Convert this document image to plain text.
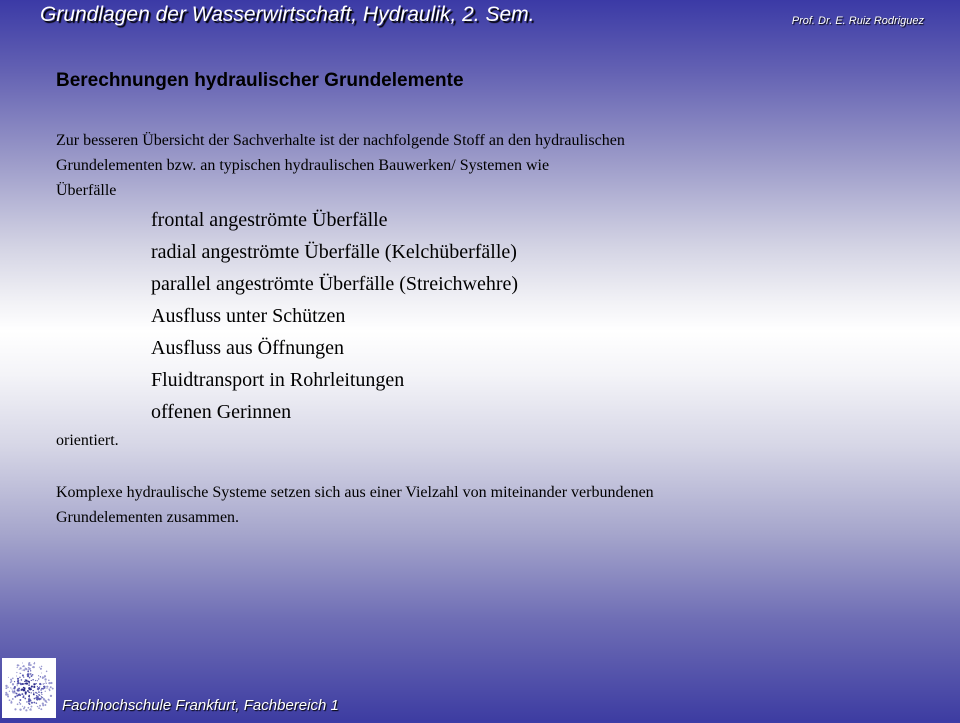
Grundlagen der Wasserwirtschaft, Hydraulik, 2. Sem.	Prof. Dr. E. Ruiz Rodriguez
Berechnungen hydraulischer Grundelemente
Zur besseren Übersicht der Sachverhalte ist der nachfolgende Stoff an den hydraulischen
Grundelementen bzw. an typischen hydraulischen Bauwerken/ Systemen wie
Überfälle
frontal angeströmte Überfälle
radial angeströmte Überfälle (Kelchüberfälle)
parallel angeströmte Überfälle (Streichwehre)
Ausfluss unter Schützen
Ausfluss aus Öffnungen
Fluidtransport in Rohrleitungen
offenen Gerinnen
orientiert.
Komplexe hydraulische Systeme setzen sich aus einer Vielzahl von miteinander verbundenen
Grundelementen zusammen.
Fachhochschule Frankfurt, Fachbereich 1
